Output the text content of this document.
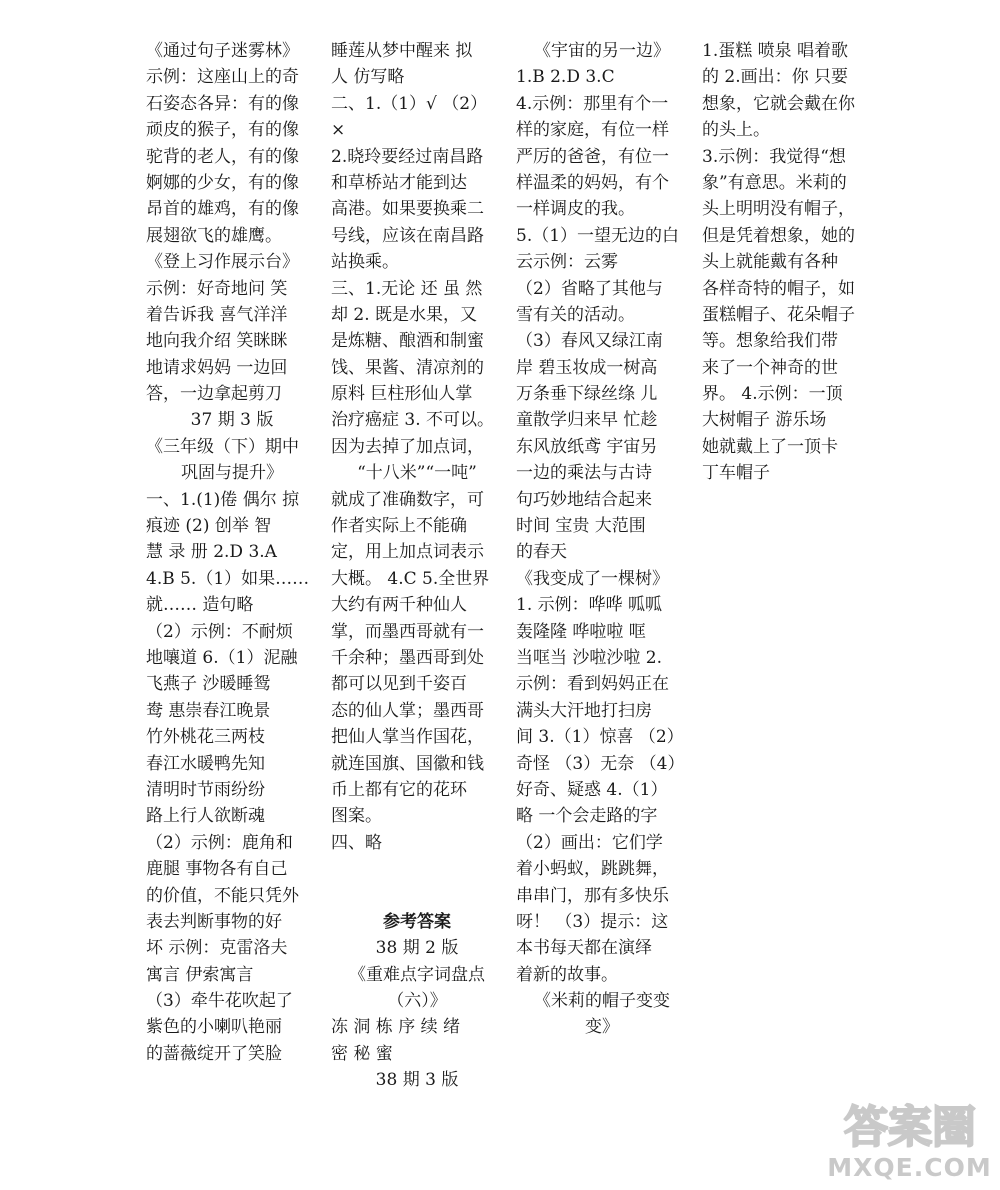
《通过句子迷雾林》
示例：这座山上的奇
石姿态各异：有的像
顽皮的猴子，有的像
驼背的老人，有的像
婀娜的少女，有的像
昂首的雄鸡，有的像
展翅欲飞的雄鹰。
《登上习作展示台》
示例：好奇地问 笑
着告诉我 喜气洋洋
地向我介绍 笑眯眯
地请求妈妈 一边回
答，一边拿起剪刀
37 期 3 版
《三年级（下）期中
巩固与提升》
一、1.(1)倦 偶尔 掠
痕迹 (2) 创举 智
慧 录 册 2.D 3.A
4.B 5.（1）如果……
就…… 造句略
（2）示例：不耐烦
地嚷道 6.（1）泥融
飞燕子 沙暖睡鸳
鸯 惠崇春江晚景
竹外桃花三两枝
春江水暖鸭先知
清明时节雨纷纷
路上行人欲断魂
（2）示例：鹿角和
鹿腿 事物各有自己
的价值，不能只凭外
表去判断事物的好
坏 示例：克雷洛夫
寓言 伊索寓言
（3）牵牛花吹起了
紫色的小喇叭艳丽
的蔷薇绽开了笑脸
睡莲从梦中醒来 拟
人 仿写略
二、1.（1）√ （2）
×
2.晓玲要经过南昌路
和草桥站才能到达
高港。如果要换乘二
号线，应该在南昌路
站换乘。
三、1.无论 还 虽 然
却 2. 既是水果，又
是炼糖、酿酒和制蜜
饯、果酱、清凉剂的
原料 巨柱形仙人掌
治疗癌症 3. 不可以。
因为去掉了加点词，
“十八米”“一吨”
就成了准确数字，可
作者实际上不能确
定，用上加点词表示
大概。 4.C 5.全世界
大约有两千种仙人
掌，而墨西哥就有一
千余种；墨西哥到处
都可以见到千姿百
态的仙人掌；墨西哥
把仙人掌当作国花，
就连国旗、国徽和钱
币上都有它的花环
图案。
四、略
参考答案
38 期 2 版
《重难点字词盘点
（六）》
冻 洞 栋 序 续 绪
密 秘 蜜
38 期 3 版
《宇宙的另一边》
1.B 2.D 3.C
4.示例：那里有个一
样的家庭，有位一样
严厉的爸爸，有位一
样温柔的妈妈，有个
一样调皮的我。
5.（1）一望无边的白
云示例：云雾
（2）省略了其他与
雪有关的活动。
（3）春风又绿江南
岸 碧玉妆成一树高
万条垂下绿丝绦 儿
童散学归来早 忙趁
东风放纸鸢 宇宙另
一边的乘法与古诗
句巧妙地结合起来
时间 宝贵 大范围
的春天
《我变成了一棵树》
1. 示例：哗哗 呱呱
轰隆隆 哗啦啦 哐
当哐当 沙啦沙啦 2.
示例：看到妈妈正在
满头大汗地打扫房
间 3.（1）惊喜 （2）
奇怪 （3）无奈 （4）
好奇、疑惑 4.（1）
略 一个会走路的字
（2）画出：它们学
着小蚂蚁，跳跳舞，
串串门，那有多快乐
呀！ （3）提示：这
本书每天都在演绎
着新的故事。
《米莉的帽子变变
变》
1.蛋糕 喷泉 唱着歌
的 2.画出：你 只要
想象，它就会戴在你
的头上。
3.示例：我觉得“想
象”有意思。米莉的
头上明明没有帽子，
但是凭着想象，她的
头上就能戴有各种
各样奇特的帽子，如
蛋糕帽子、花朵帽子
等。想象给我们带
来了一个神奇的世
界。 4.示例：一顶
大树帽子 游乐场
她就戴上了一顶卡
丁车帽子
答案圈
MXQE.COM
